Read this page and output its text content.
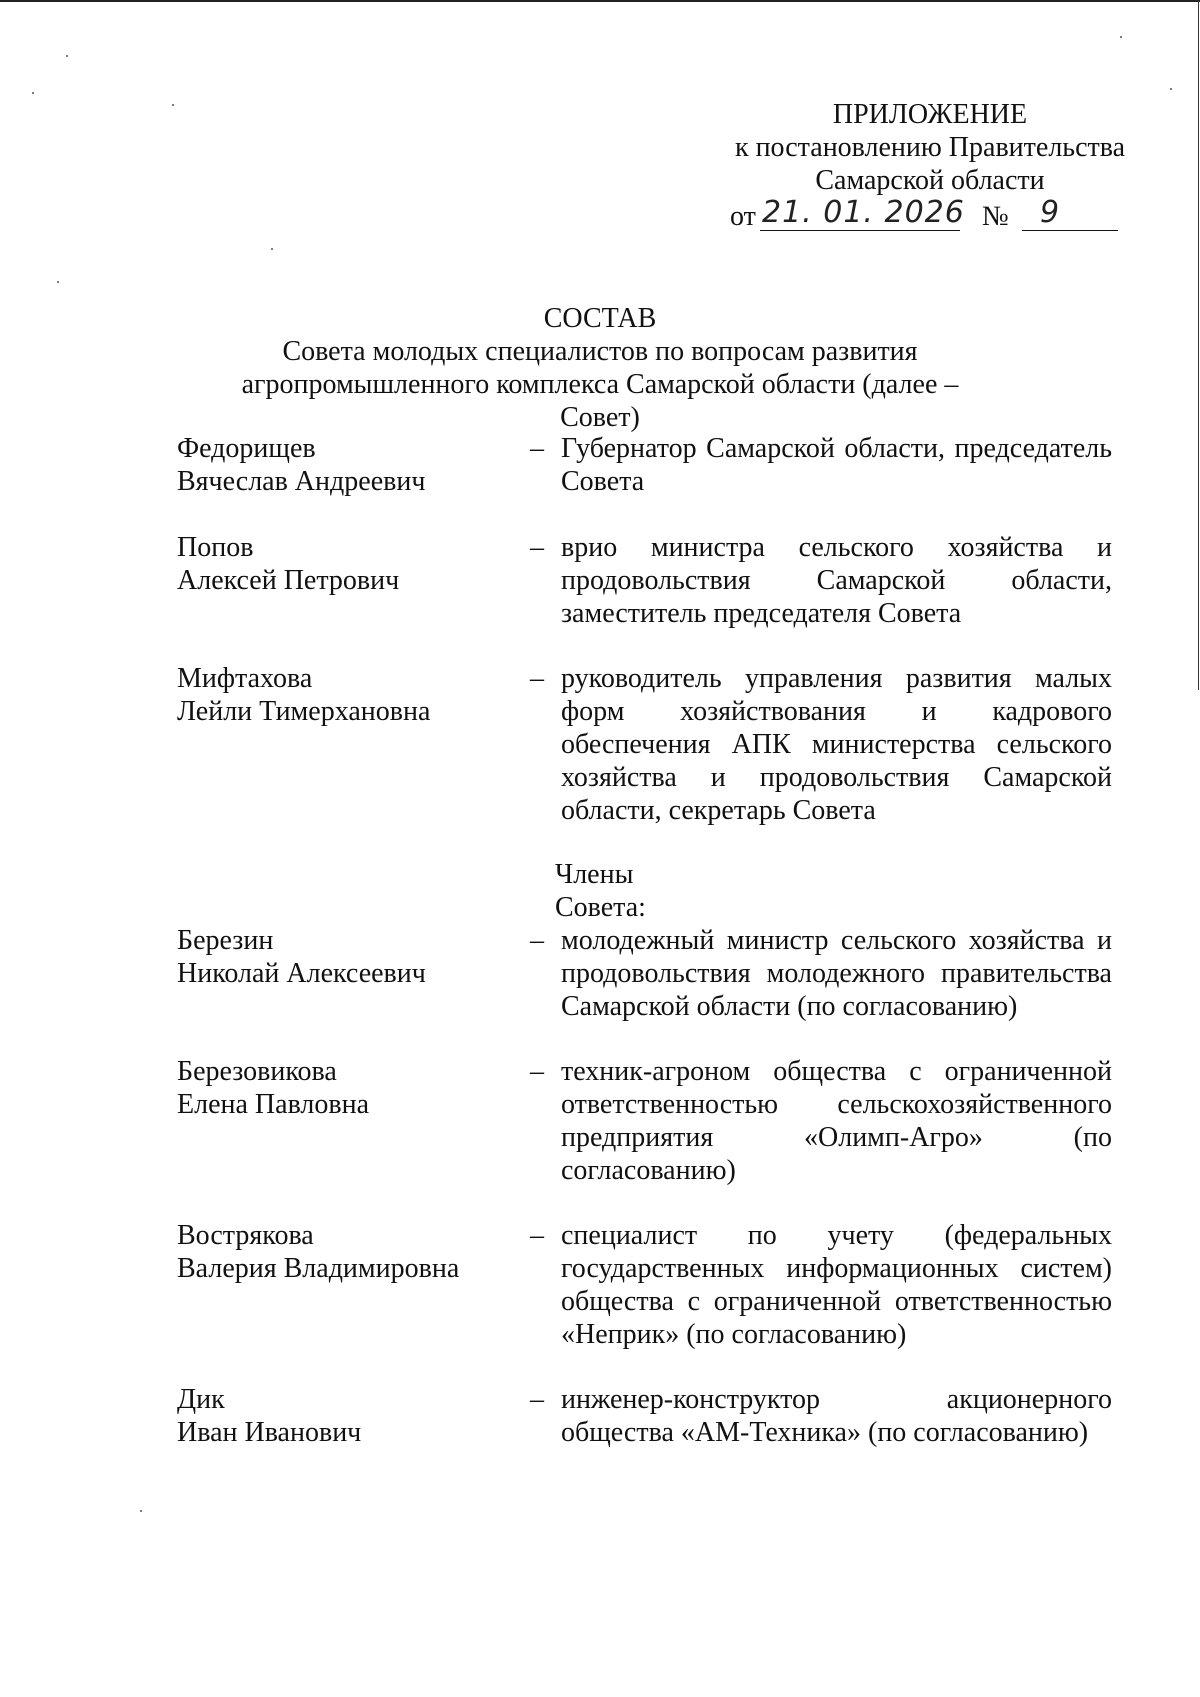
ПРИЛОЖЕНИЕ
к постановлению Правительства
Самарской области
от 21. 01. 2026 № 9
СОСТАВ
Совета молодых специалистов по вопросам развития
агропромышленного комплекса Самарской области (далее – Совет)
Федорищев
Вячеслав Андреевич
– Губернатор Самарской области, председатель Совета
Попов
Алексей Петрович
– врио министра сельского хозяйства и продовольствия Самарской области, заместитель председателя Совета
Мифтахова
Лейли Тимерхановна
– руководитель управления развития малых форм хозяйствования и кадрового обеспечения АПК министерства сельского хозяйства и продовольствия Самарской области, секретарь Совета
Члены Совета:
Березин
Николай Алексеевич
– молодежный министр сельского хозяйства и продовольствия молодежного правительства Самарской области (по согласованию)
Березовикова
Елена Павловна
– техник-агроном общества с ограниченной ответственностью сельскохозяйственного предприятия «Олимп-Агро» (по согласованию)
Вострякова
Валерия Владимировна
– специалист по учету (федеральных государственных информационных систем) общества с ограниченной ответственностью «Неприк» (по согласованию)
Дик
Иван Иванович
– инженер-конструктор акционерного общества «АМ-Техника» (по согласованию)
